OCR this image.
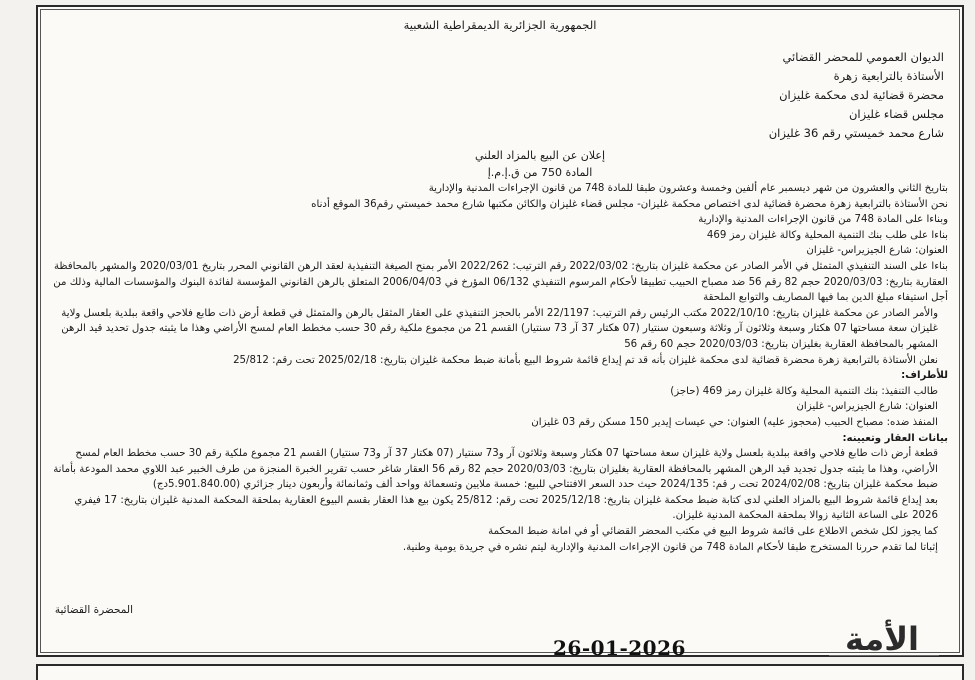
الجمهورية الجزائرية الديمقراطية الشعبية
الديوان العمومي للمحضر القضائي
الأستاذة بالترابعية زهرة
محضرة قضائية لدى محكمة غليزان
مجلس قضاء غليزان
شارع محمد خميستي رقم 36 غليزان
إعلان عن البيع بالمزاد العلني
المادة 750 من ق.إ.م.إ

بتاريخ الثاني والعشرون من شهر ديسمبر عام ألفين وخمسة وعشرون طبقا للمادة 748 من قانون الإجراءات المدنية والإدارية

نحن الأستاذة بالترابعية زهرة محضرة قضائية لدى اختصاص محكمة غليزان- مجلس قضاء غليزان والكائن مكتبها شارع محمد خميستي رقم36 الموقع أدناه

وبناءا على المادة 748 من قانون الإجراءات المدنية والإدارية

بناءا على طلب بنك التنمية المحلية وكالة غليزان رمز 469

العنوان: شارع الجيزيراس- غليزان

بناءا على السند التنفيذي المتمثل في الأمر الصادر عن محكمة غليزان بتاريخ: 2022/03/02 رقم الترتيب: 2022/262 الأمر بمنح الصيغة التنفيذية لعقد الرهن القانوني المحرر بتاريخ 2020/03/01 والمشهر بالمحافظة العقارية بتاريخ: 2020/03/03 حجم 82 رقم 56 ضد مصباح الحبيب تطبيقا لأحكام المرسوم التنفيذي 06/132 المؤرخ في 2006/04/03 المتعلق بالرهن القانوني المؤسسة لفائدة البنوك والمؤسسات المالية وذلك من أجل استيفاء مبلغ الدين بما فيها المصاريف والتوابع الملحقة

والأمر الصادر عن محكمة غليزان بتاريخ: 2022/10/10 مكتب الرئيس رقم الترتيب: 22/1197 الأمر بالحجز التنفيذي على العقار المثقل بالرهن والمتمثل في قطعة أرض ذات طابع فلاحي واقعة ببلدية بلعسل ولاية غليزان سعة مساحتها 07 هكتار وسبعة وثلاثون آر وثلاثة وسبعون سنتيار (07 هكتار 37 آر 73 سنتيار) القسم 21 من مجموع ملكية رقم 30 حسب مخطط العام لمسح الأراضي وهذا ما يثبته جدول تحديد قيد الرهن المشهر بالمحافظة العقارية بغليزان بتاريخ: 2020/03/03 حجم 60 رقم 56

نعلن الأستاذة بالترابعية زهرة محضرة قضائية لدى محكمة غليزان بأنه قد تم إيداع قائمة شروط البيع بأمانة ضبط محكمة غليزان بتاريخ: 2025/02/18 تحت رقم: 25/812

للأطراف:

طالب التنفيذ: بنك التنمية المحلية وكالة غليزان رمز 469 (حاجز)

العنوان: شارع الجيزيراس- غليزان

المنفذ ضده: مصباح الحبيب (محجوز عليه) العنوان: حي عيسات إيدير 150 مسكن رقم 03 غليزان

بيانات العقار وتعيينه:

قطعة أرض ذات طابع فلاحي واقعة ببلدية بلعسل ولاية غليزان سعة مساحتها 07 هكتار وسبعة وثلاثون آر و73 سنتيار (07 هكتار 37 آر و73 سنتيار) القسم 21 مجموع ملكية رقم 30 حسب مخطط العام لمسح الأراضي، وهذا ما يثبته جدول تجديد قيد الرهن المشهر بالمحافظة العقارية بغليزان بتاريخ: 2020/03/03 حجم 82 رقم 56 العقار شاغر حسب تقرير الخبرة المنجزة من طرف الخبير عبد اللاوي محمد المودعة بأمانة ضبط محكمة غليزان بتاريخ: 2024/02/08 تحت ر قم: 2024/135 حيث حدد السعر الافتتاحي للبيع: خمسة ملايين وتسعمائة وواحد ألف وثمانمائة وأربعون دينار جزائري (5.901.840.00دج)

بعد إيداع قائمة شروط البيع بالمزاد العلني لدى كتابة ضبط محكمة غليزان بتاريخ: 2025/12/18 تحت رقم: 25/812 يكون بيع هذا العقار بقسم البيوع العقارية بملحقة المحكمة المدنية غليزان بتاريخ: 17 فيفري 2026 على الساعة الثانية زوالا بملحقة المحكمة المدنية غليزان.

كما يجوز لكل شخص الاطلاع على قائمة شروط البيع في مكتب المحضر القضائي أو في امانة ضبط المحكمة

إثباتا لما تقدم حررنا المستخرج طبقا لأحكام المادة 748 من قانون الإجراءات المدنية والإدارية ليتم نشره في جريدة يومية وطنية.

المحضرة القضائية
26-01-2026	الأمة
